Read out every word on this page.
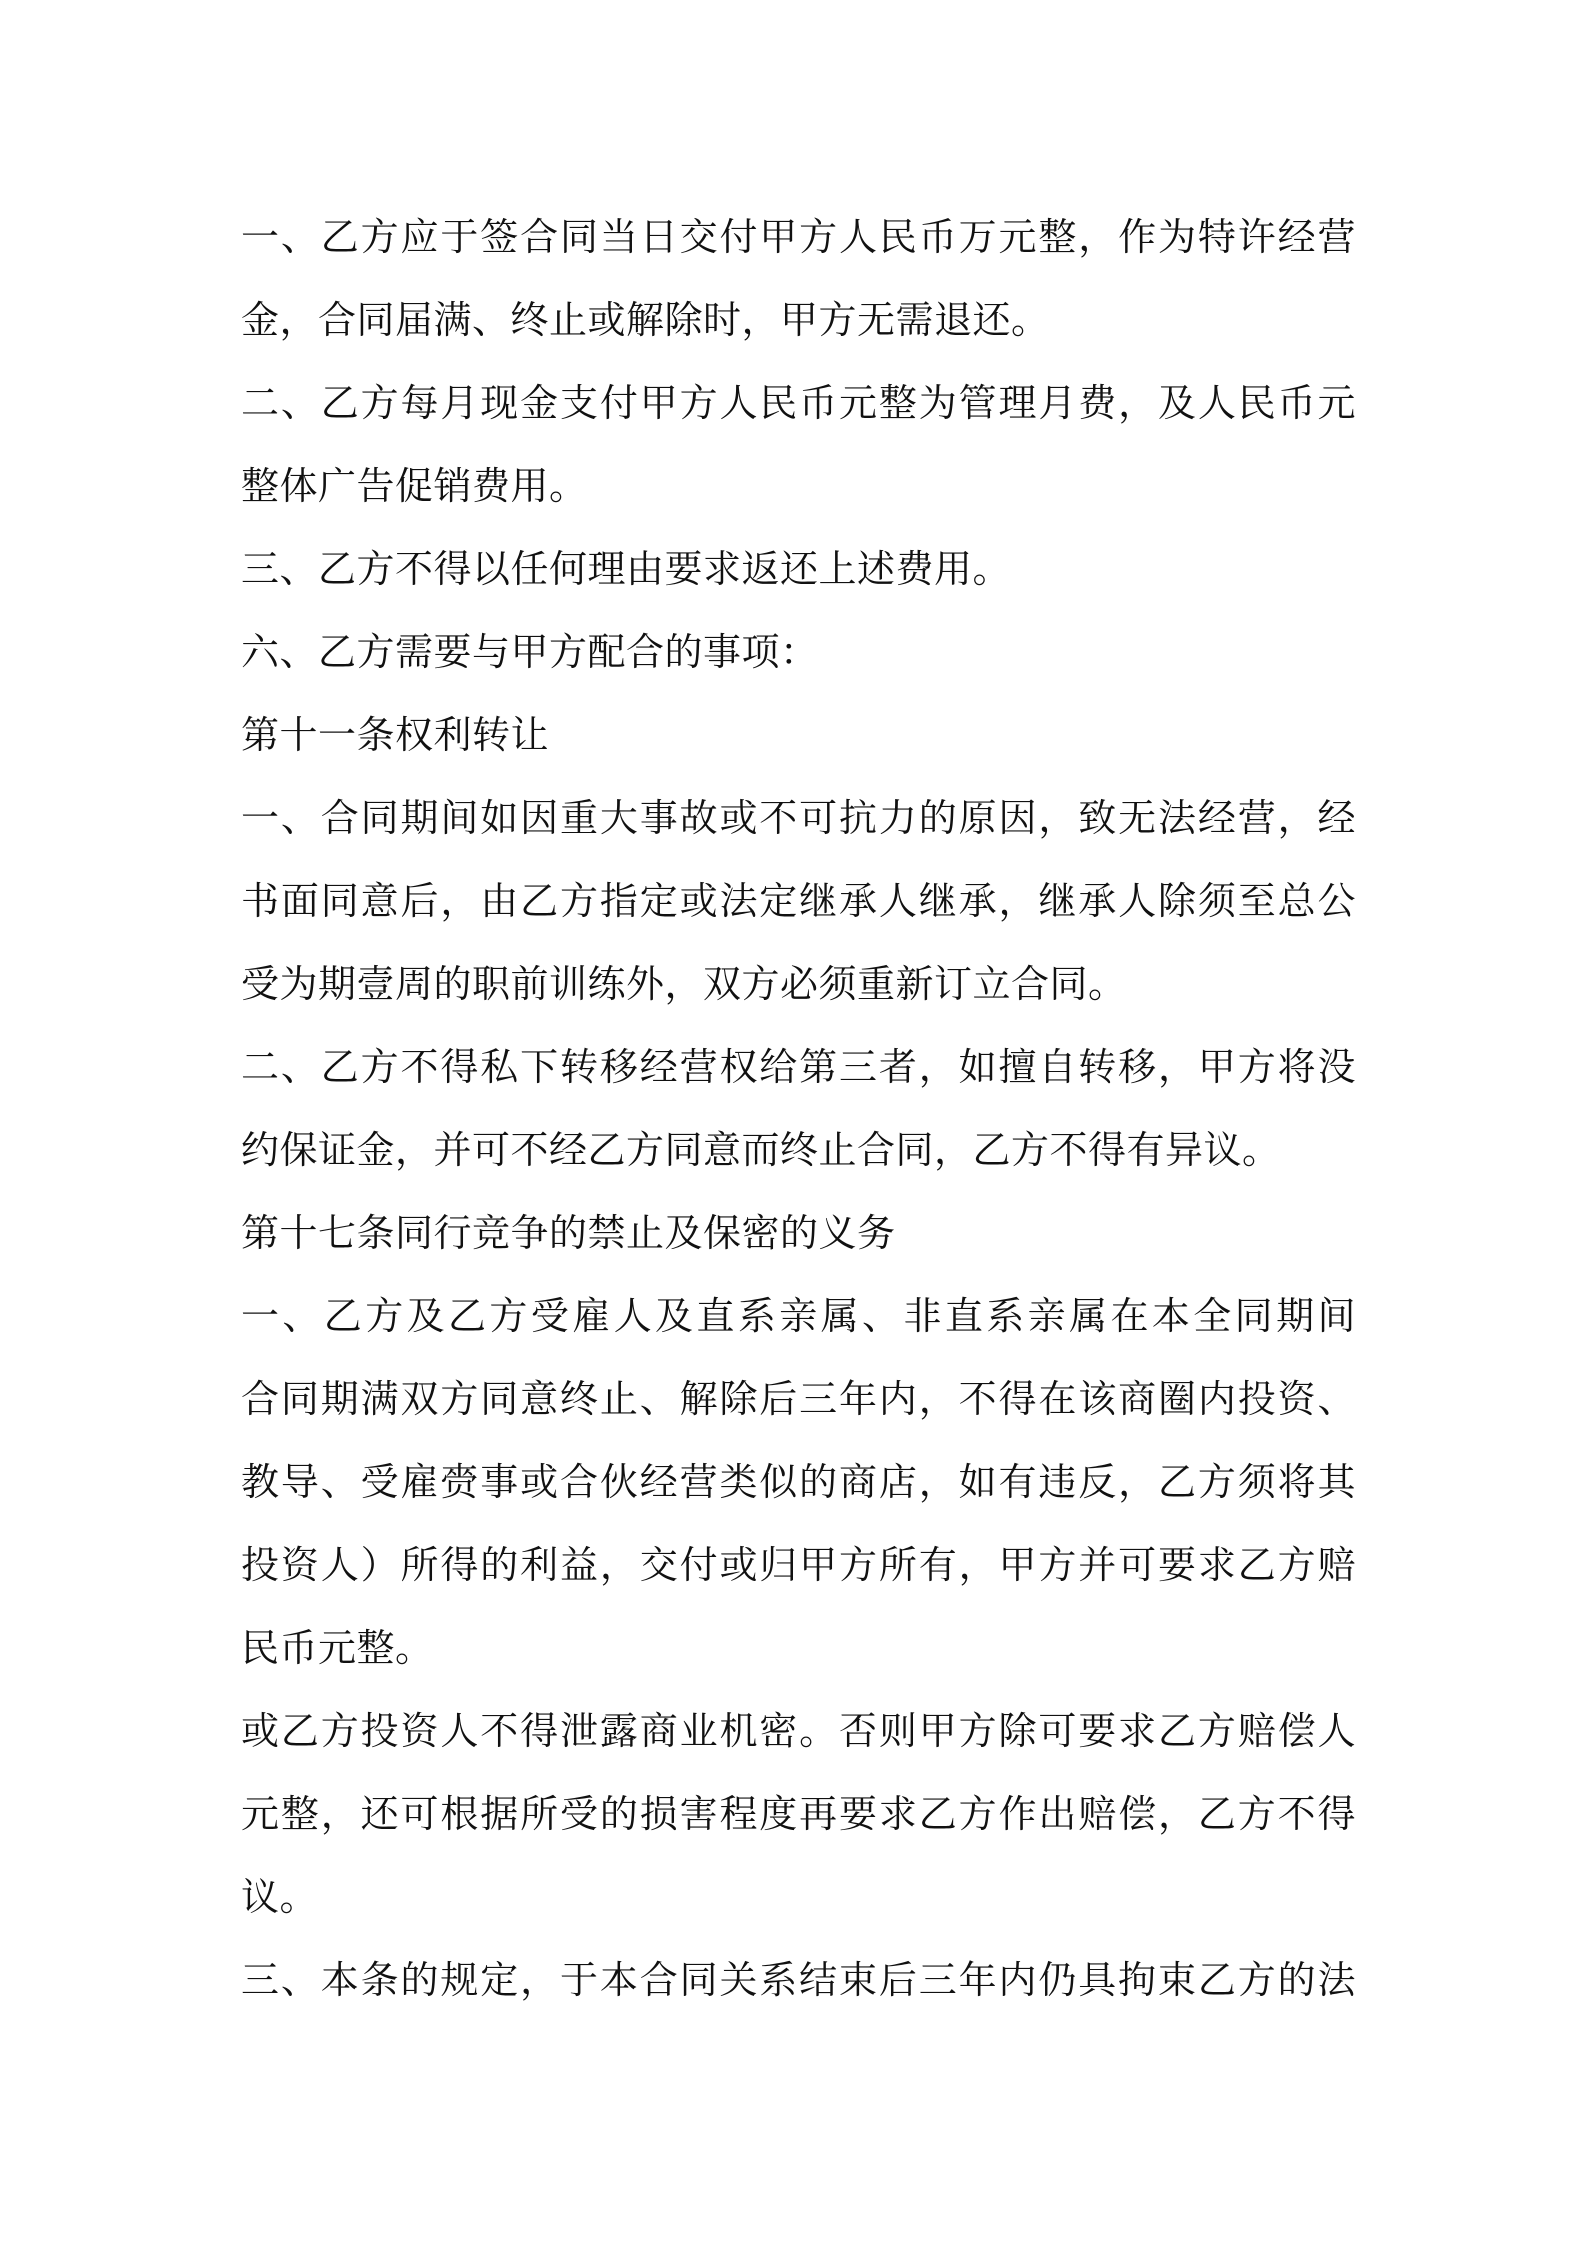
一、乙方应于签合同当日交付甲方人民币万元整，作为特许经营
金，合同届满、终止或解除时，甲方无需退还。
二、乙方每月现金支付甲方人民币元整为管理月费，及人民币元
整体广告促销费用。
三、乙方不得以任何理由要求返还上述费用。
六、乙方需要与甲方配合的事项：
第十一条权利转让
一、合同期间如因重大事故或不可抗力的原因，致无法经营，经
书面同意后，由乙方指定或法定继承人继承，继承人除须至总公
受为期壹周的职前训练外，双方必须重新订立合同。
二、乙方不得私下转移经营权给第三者，如擅自转移，甲方将没
约保证金，并可不经乙方同意而终止合同，乙方不得有异议。
第十七条同行竞争的禁止及保密的义务
一、乙方及乙方受雇人及直系亲属、非直系亲属在本全同期间
合同期满双方同意终止、解除后三年内，不得在该商圈内投资、
教导、受雇赍事或合伙经营类似的商店，如有违反，乙方须将其
投资人）所得的利益，交付或归甲方所有，甲方并可要求乙方赔
民币元整。
或乙方投资人不得泄露商业机密。否则甲方除可要求乙方赔偿人
元整，还可根据所受的损害程度再要求乙方作出赔偿，乙方不得
议。
三、本条的规定，于本合同关系结束后三年内仍具拘束乙方的法
